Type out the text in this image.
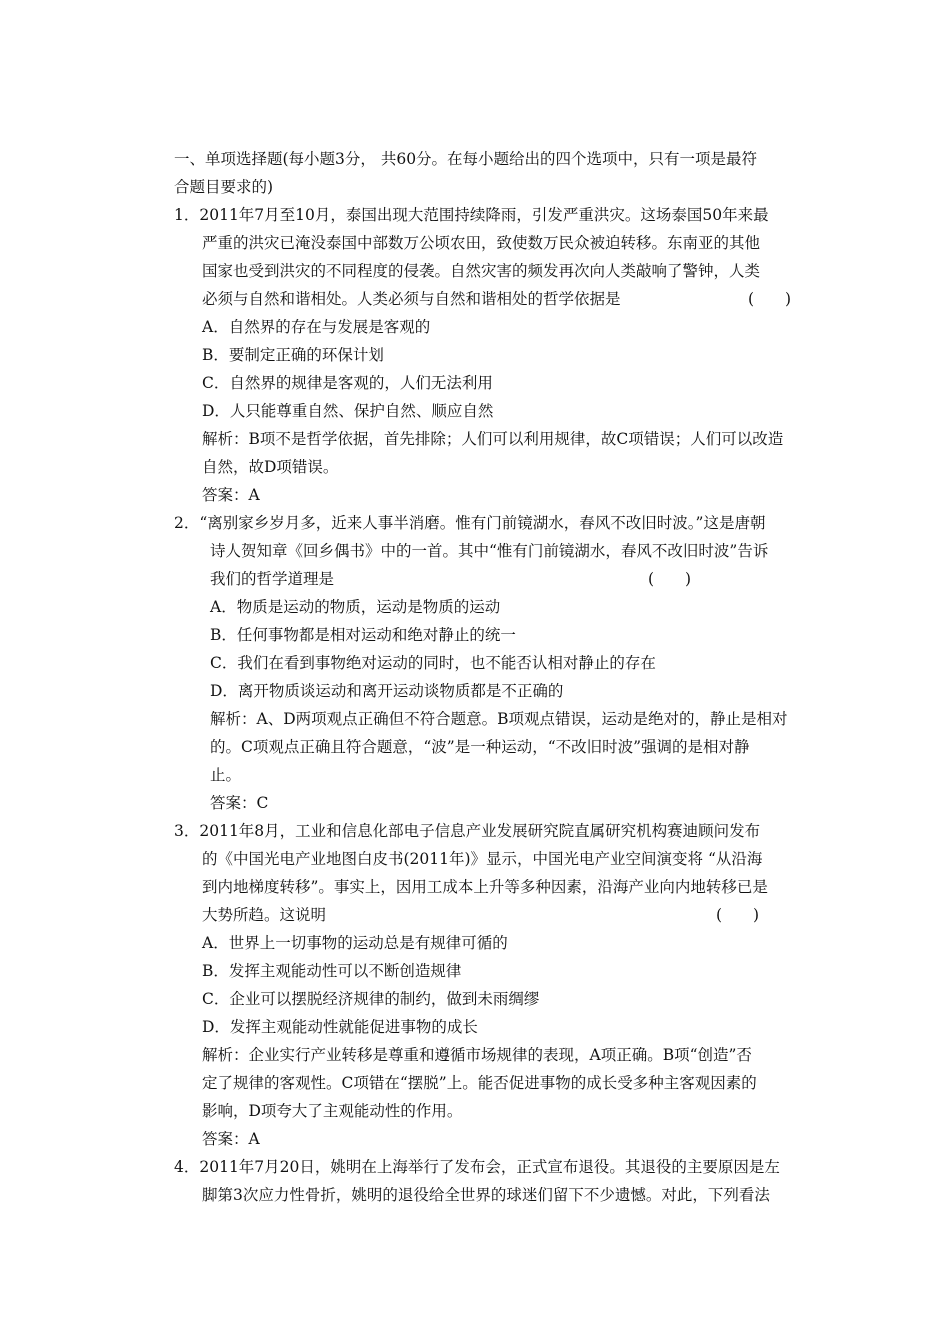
一、单项选择题(每小题3分， 共60分。在每小题给出的四个选项中，只有一项是最符
合题目要求的)
1．2011年7月至10月，泰国出现大范围持续降雨，引发严重洪灾。这场泰国50年来最
严重的洪灾已淹没泰国中部数万公顷农田，致使数万民众被迫转移。东南亚的其他
国家也受到洪灾的不同程度的侵袭。自然灾害的频发再次向人类敲响了警钟，人类
必须与自然和谐相处。人类必须与自然和谐相处的哲学依据是	(　　)
A．自然界的存在与发展是客观的
B．要制定正确的环保计划
C．自然界的规律是客观的，人们无法利用
D．人只能尊重自然、保护自然、顺应自然
解析：B项不是哲学依据，首先排除；人们可以利用规律，故C项错误；人们可以改造
自然，故D项错误。
答案：A
2．“离别家乡岁月多，近来人事半消磨。惟有门前镜湖水，春风不改旧时波。”这是唐朝
诗人贺知章《回乡偶书》中的一首。其中“惟有门前镜湖水，春风不改旧时波”告诉
我们的哲学道理是	(　　)
A．物质是运动的物质，运动是物质的运动
B．任何事物都是相对运动和绝对静止的统一
C．我们在看到事物绝对运动的同时，也不能否认相对静止的存在
D．离开物质谈运动和离开运动谈物质都是不正确的
解析：A、D两项观点正确但不符合题意。B项观点错误，运动是绝对的，静止是相对
的。C项观点正确且符合题意，“波”是一种运动，“不改旧时波”强调的是相对静
止。
答案：C
3．2011年8月，工业和信息化部电子信息产业发展研究院直属研究机构赛迪顾问发布
的《中国光电产业地图白皮书(2011年)》显示，中国光电产业空间演变将 “从沿海
到内地梯度转移”。事实上，因用工成本上升等多种因素，沿海产业向内地转移已是
大势所趋。这说明	(　　)
A．世界上一切事物的运动总是有规律可循的
B．发挥主观能动性可以不断创造规律
C．企业可以摆脱经济规律的制约，做到未雨绸缪
D．发挥主观能动性就能促进事物的成长
解析：企业实行产业转移是尊重和遵循市场规律的表现，A项正确。B项“创造”否
定了规律的客观性。C项错在“摆脱”上。能否促进事物的成长受多种主客观因素的
影响，D项夸大了主观能动性的作用。
答案：A
4．2011年7月20日，姚明在上海举行了发布会，正式宣布退役。其退役的主要原因是左
脚第3次应力性骨折，姚明的退役给全世界的球迷们留下不少遗憾。对此，下列看法
